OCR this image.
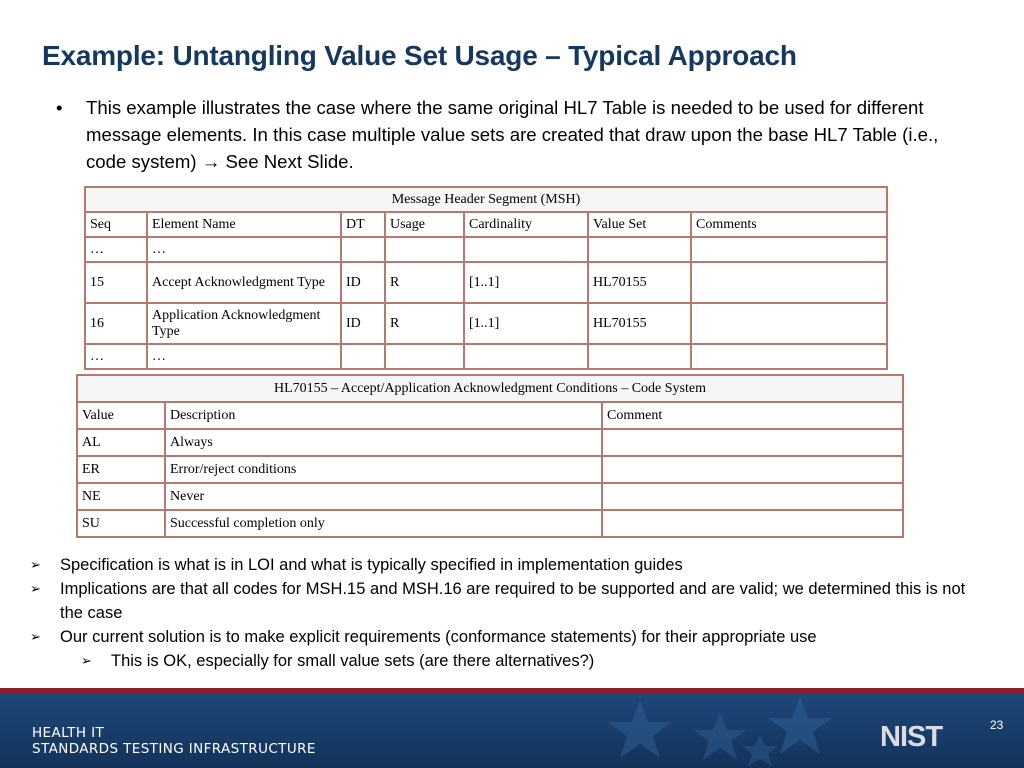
Example: Untangling Value Set Usage – Typical Approach
• This example illustrates the case where the same original HL7 Table is needed to be used for different message elements. In this case multiple value sets are created that draw upon the base HL7 Table (i.e., code system) → See Next Slide.
Message Header Segment (MSH)						
Seq	Element Name	DT	Usage	Cardinality	Value Set	Comments
…	…					
15	Accept Acknowledgment Type	ID	R	[1..1]	HL70155	
16	Application Acknowledgment Type	ID	R	[1..1]	HL70155	
…	…					
HL70155 – Accept/Application Acknowledgment Conditions – Code System		
Value	Description	Comment
AL	Always	
ER	Error/reject conditions	
NE	Never	
SU	Successful completion only	
➢ Specification is what is in LOI and what is typically specified in implementation guides
➢ Implications are that all codes for MSH.15 and MSH.16 are required to be supported and are valid; we determined this is not the case
➢ Our current solution is to make explicit requirements (conformance statements) for their appropriate use
➢ This is OK, especially for small value sets (are there alternatives?)
HEALTH IT
STANDARDS TESTING INFRASTRUCTURE	NIST	23
